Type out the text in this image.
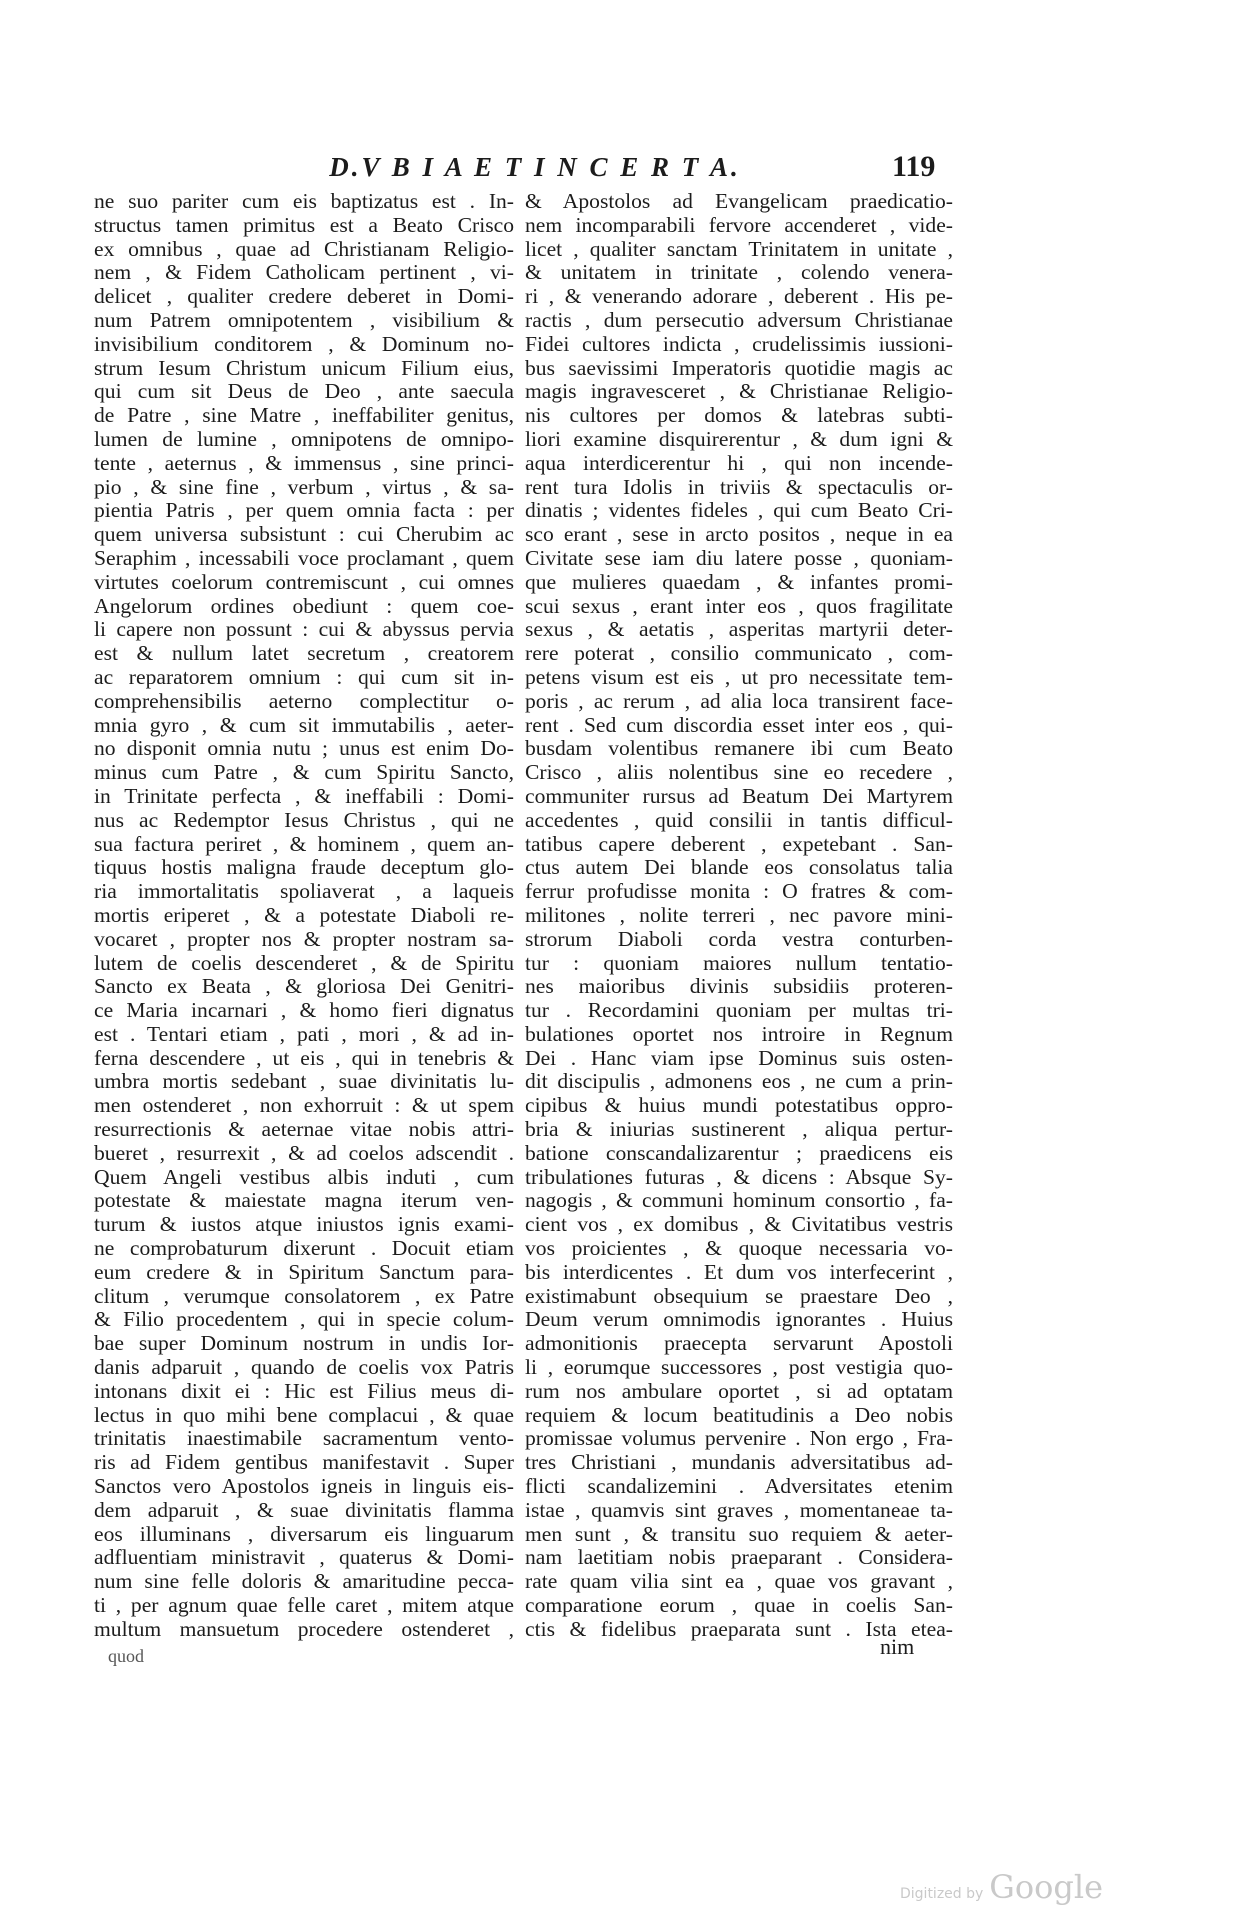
D.V B I A E T I N C E R T A.	119
ne suo pariter cum eis baptizatus est . In-
structus tamen primitus est a Beato Crisco
ex omnibus , quae ad Christianam Religio-
nem , & Fidem Catholicam pertinent , vi-
delicet , qualiter credere deberet in Domi-
num Patrem omnipotentem , visibilium &
invisibilium conditorem , & Dominum no-
strum Iesum Christum unicum Filium eius,
qui cum sit Deus de Deo , ante saecula
de Patre , sine Matre , ineffabiliter genitus,
lumen de lumine , omnipotens de omnipo-
tente , aeternus , & immensus , sine princi-
pio , & sine fine , verbum , virtus , & sa-
pientia Patris , per quem omnia facta : per
quem universa subsistunt : cui Cherubim ac
Seraphim , incessabili voce proclamant , quem
virtutes coelorum contremiscunt , cui omnes
Angelorum ordines obediunt : quem coe-
li capere non possunt : cui & abyssus pervia
est & nullum latet secretum , creatorem
ac reparatorem omnium : qui cum sit in-
comprehensibilis aeterno complectitur o-
mnia gyro , & cum sit immutabilis , aeter-
no disponit omnia nutu ; unus est enim Do-
minus cum Patre , & cum Spiritu Sancto,
in Trinitate perfecta , & ineffabili : Domi-
nus ac Redemptor Iesus Christus , qui ne
sua factura periret , & hominem , quem an-
tiquus hostis maligna fraude deceptum glo-
ria immortalitatis spoliaverat , a laqueis
mortis eriperet , & a potestate Diaboli re-
vocaret , propter nos & propter nostram sa-
lutem de coelis descenderet , & de Spiritu
Sancto ex Beata , & gloriosa Dei Genitri-
ce Maria incarnari , & homo fieri dignatus
est . Tentari etiam , pati , mori , & ad in-
ferna descendere , ut eis , qui in tenebris &
umbra mortis sedebant , suae divinitatis lu-
men ostenderet , non exhorruit : & ut spem
resurrectionis & aeternae vitae nobis attri-
bueret , resurrexit , & ad coelos adscendit .
Quem Angeli vestibus albis induti , cum
potestate & maiestate magna iterum ven-
turum & iustos atque iniustos ignis exami-
ne comprobaturum dixerunt . Docuit etiam
eum credere & in Spiritum Sanctum para-
clitum , verumque consolatorem , ex Patre
& Filio procedentem , qui in specie colum-
bae super Dominum nostrum in undis Ior-
danis adparuit , quando de coelis vox Patris
intonans dixit ei : Hic est Filius meus di-
lectus in quo mihi bene complacui , & quae
trinitatis inaestimabile sacramentum vento-
ris ad Fidem gentibus manifestavit . Super
Sanctos vero Apostolos igneis in linguis eis-
dem adparuit , & suae divinitatis flamma
eos illuminans , diversarum eis linguarum
adfluentiam ministravit , quaterus & Domi-
num sine felle doloris & amaritudine pecca-
ti , per agnum quae felle caret , mitem atque
multum mansuetum procedere ostenderet ,
& Apostolos ad Evangelicam praedicatio-
nem incomparabili fervore accenderet , vide-
licet , qualiter sanctam Trinitatem in unitate ,
& unitatem in trinitate , colendo venera-
ri , & venerando adorare , deberent . His pe-
ractis , dum persecutio adversum Christianae
Fidei cultores indicta , crudelissimis iussioni-
bus saevissimi Imperatoris quotidie magis ac
magis ingravesceret , & Christianae Religio-
nis cultores per domos & latebras subti-
liori examine disquirerentur , & dum igni &
aqua interdicerentur hi , qui non incende-
rent tura Idolis in triviis & spectaculis or-
dinatis ; videntes fideles , qui cum Beato Cri-
sco erant , sese in arcto positos , neque in ea
Civitate sese iam diu latere posse , quoniam-
que mulieres quaedam , & infantes promi-
scui sexus , erant inter eos , quos fragilitate
sexus , & aetatis , asperitas martyrii deter-
rere poterat , consilio communicato , com-
petens visum est eis , ut pro necessitate tem-
poris , ac rerum , ad alia loca transirent face-
rent . Sed cum discordia esset inter eos , qui-
busdam volentibus remanere ibi cum Beato
Crisco , aliis nolentibus sine eo recedere ,
communiter rursus ad Beatum Dei Martyrem
accedentes , quid consilii in tantis difficul-
tatibus capere deberent , expetebant . San-
ctus autem Dei blande eos consolatus talia
ferrur profudisse monita : O fratres & com-
militones , nolite terreri , nec pavore mini-
strorum Diaboli corda vestra conturben-
tur : quoniam maiores nullum tentatio-
nes maioribus divinis subsidiis proteren-
tur . Recordamini quoniam per multas tri-
bulationes oportet nos introire in Regnum
Dei . Hanc viam ipse Dominus suis osten-
dit discipulis , admonens eos , ne cum a prin-
cipibus & huius mundi potestatibus oppro-
bria & iniurias sustinerent , aliqua pertur-
batione conscandalizarentur ; praedicens eis
tribulationes futuras , & dicens : Absque Sy-
nagogis , & communi hominum consortio , fa-
cient vos , ex domibus , & Civitatibus vestris
vos proicientes , & quoque necessaria vo-
bis interdicentes . Et dum vos interfecerint ,
existimabunt obsequium se praestare Deo ,
Deum verum omnimodis ignorantes . Huius
admonitionis praecepta servarunt Apostoli
li , eorumque successores , post vestigia quo-
rum nos ambulare oportet , si ad optatam
requiem & locum beatitudinis a Deo nobis
promissae volumus pervenire . Non ergo , Fra-
tres Christiani , mundanis adversitatibus ad-
flicti scandalizemini . Adversitates etenim
istae , quamvis sint graves , momentaneae ta-
men sunt , & transitu suo requiem & aeter-
nam laetitiam nobis praeparant . Considera-
rate quam vilia sint ea , quae vos gravant ,
comparatione eorum , quae in coelis San-
ctis & fidelibus praeparata sunt . Ista etea-
quod	nim
Digitized by Google
